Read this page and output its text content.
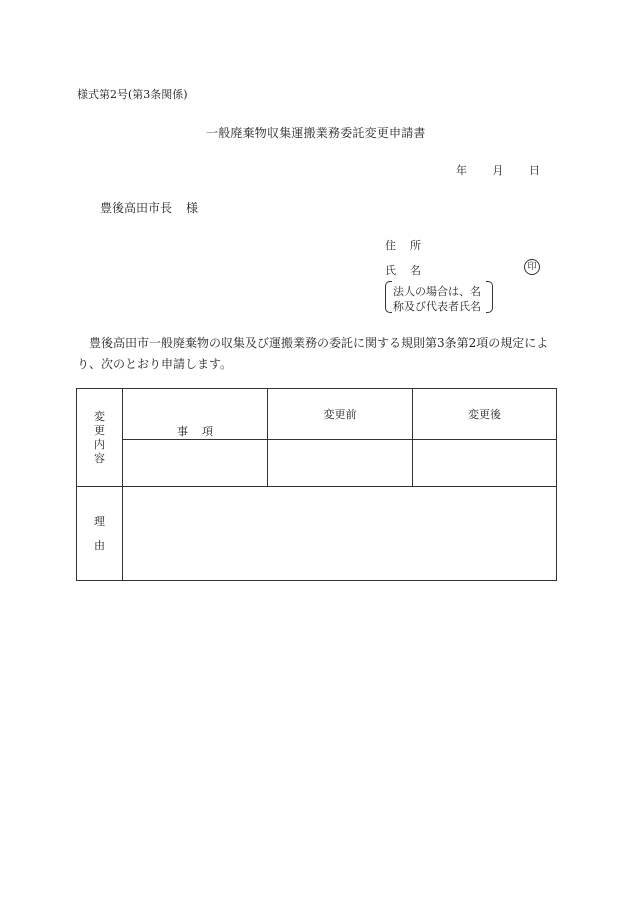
様式第2号(第3条関係)
一般廃棄物収集運搬業務委託変更申請書
年 月 日
豊後高田市長 様
住 所
氏 名	印
法人の場合は、名
称及び代表者氏名
豊後高田市一般廃棄物の収集及び運搬業務の委託に関する規則第3条第2項の規定により、次のとおり申請します。
変更内容	事 項	変更前	変更後

理
由			
